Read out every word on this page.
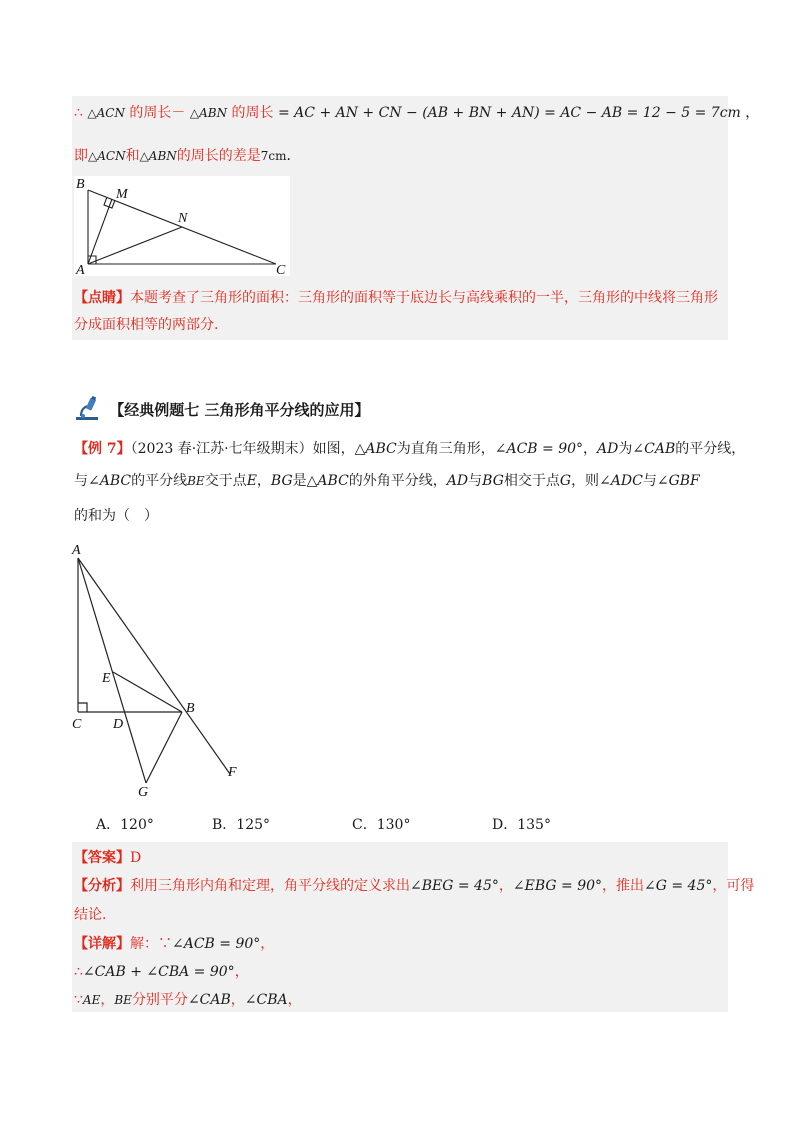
∴ △ACN 的周长－ △ABN 的周长 = AC + AN + CN − (AB + BN + AN) = AC − AB = 12 − 5 = 7cm ，
即△ACN和△ABN的周长的差是7cm．
B
M
N
A	C
【点睛】本题考查了三角形的面积：三角形的面积等于底边长与高线乘积的一半，三角形的中线将三角形
分成面积相等的两部分.
【经典例题七 三角形角平分线的应用】
【例 7】（2023 春·江苏·七年级期末）如图，△ABC为直角三角形，∠ACB = 90°，AD为∠CAB的平分线，
与∠ABC的平分线BE交于点E，BG是△ABC的外角平分线，AD与BG相交于点G，则∠ADC与∠GBF
的和为（　）
A
E
C D
B
G
F
A．120°	B．125°	C．130°	D．135°
【答案】D
【分析】利用三角形内角和定理，角平分线的定义求出∠BEG = 45°，∠EBG = 90°，推出∠G = 45°，可得
结论.
【详解】解：∵∠ACB = 90°，
∴∠CAB + ∠CBA = 90°，
∵AE，BE分别平分∠CAB，∠CBA，
